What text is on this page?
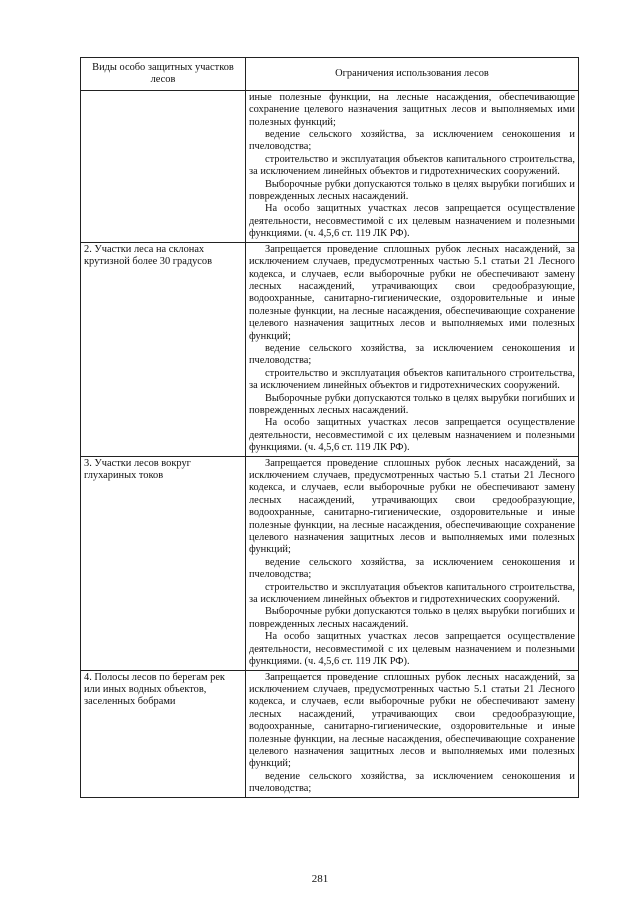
Виды особо защитных участков лесов	Ограничения использования лесов

	иные полезные функции, на лесные насаждения, обеспечивающие сохранение целевого назначения защитных лесов и выполняемых ими полезных функций;

ведение сельского хозяйства, за исключением сенокошения и пчеловодства;

строительство и эксплуатация объектов капитального строительства, за исключением линейных объектов и гидротехнических сооружений.

Выборочные рубки допускаются только в целях вырубки погибших и поврежденных лесных насаждений.

На особо защитных участках лесов запрещается осуществление деятельности, несовместимой с их целевым назначением и полезными функциями. (ч. 4,5,6 ст. 119 ЛК РФ).

2. Участки леса на склонах крутизной более 30 градусов	Запрещается проведение сплошных рубок лесных насаждений, за исключением случаев, предусмотренных частью 5.1 статьи 21 Лесного кодекса, и случаев, если выборочные рубки не обеспечивают замену лесных насаждений, утрачивающих свои средообразующие, водоохранные, санитарно-гигиенические, оздоровительные и иные полезные функции, на лесные насаждения, обеспечивающие сохранение целевого назначения защитных лесов и выполняемых ими полезных функций;

ведение сельского хозяйства, за исключением сенокошения и пчеловодства;

строительство и эксплуатация объектов капитального строительства, за исключением линейных объектов и гидротехнических сооружений.

Выборочные рубки допускаются только в целях вырубки погибших и поврежденных лесных насаждений.

На особо защитных участках лесов запрещается осуществление деятельности, несовместимой с их целевым назначением и полезными функциями. (ч. 4,5,6 ст. 119 ЛК РФ).

3. Участки лесов вокруг глухариных токов	Запрещается проведение сплошных рубок лесных насаждений, за исключением случаев, предусмотренных частью 5.1 статьи 21 Лесного кодекса, и случаев, если выборочные рубки не обеспечивают замену лесных насаждений, утрачивающих свои средообразующие, водоохранные, санитарно-гигиенические, оздоровительные и иные полезные функции, на лесные насаждения, обеспечивающие сохранение целевого назначения защитных лесов и выполняемых ими полезных функций;

ведение сельского хозяйства, за исключением сенокошения и пчеловодства;

строительство и эксплуатация объектов капитального строительства, за исключением линейных объектов и гидротехнических сооружений.

Выборочные рубки допускаются только в целях вырубки погибших и поврежденных лесных насаждений.

На особо защитных участках лесов запрещается осуществление деятельности, несовместимой с их целевым назначением и полезными функциями. (ч. 4,5,6 ст. 119 ЛК РФ).

4. Полосы лесов по берегам рек или иных водных объектов, заселенных бобрами	Запрещается проведение сплошных рубок лесных насаждений, за исключением случаев, предусмотренных частью 5.1 статьи 21 Лесного кодекса, и случаев, если выборочные рубки не обеспечивают замену лесных насаждений, утрачивающих свои средообразующие, водоохранные, санитарно-гигиенические, оздоровительные и иные полезные функции, на лесные насаждения, обеспечивающие сохранение целевого назначения защитных лесов и выполняемых ими полезных функций;

ведение сельского хозяйства, за исключением сенокошения и пчеловодства;

281
